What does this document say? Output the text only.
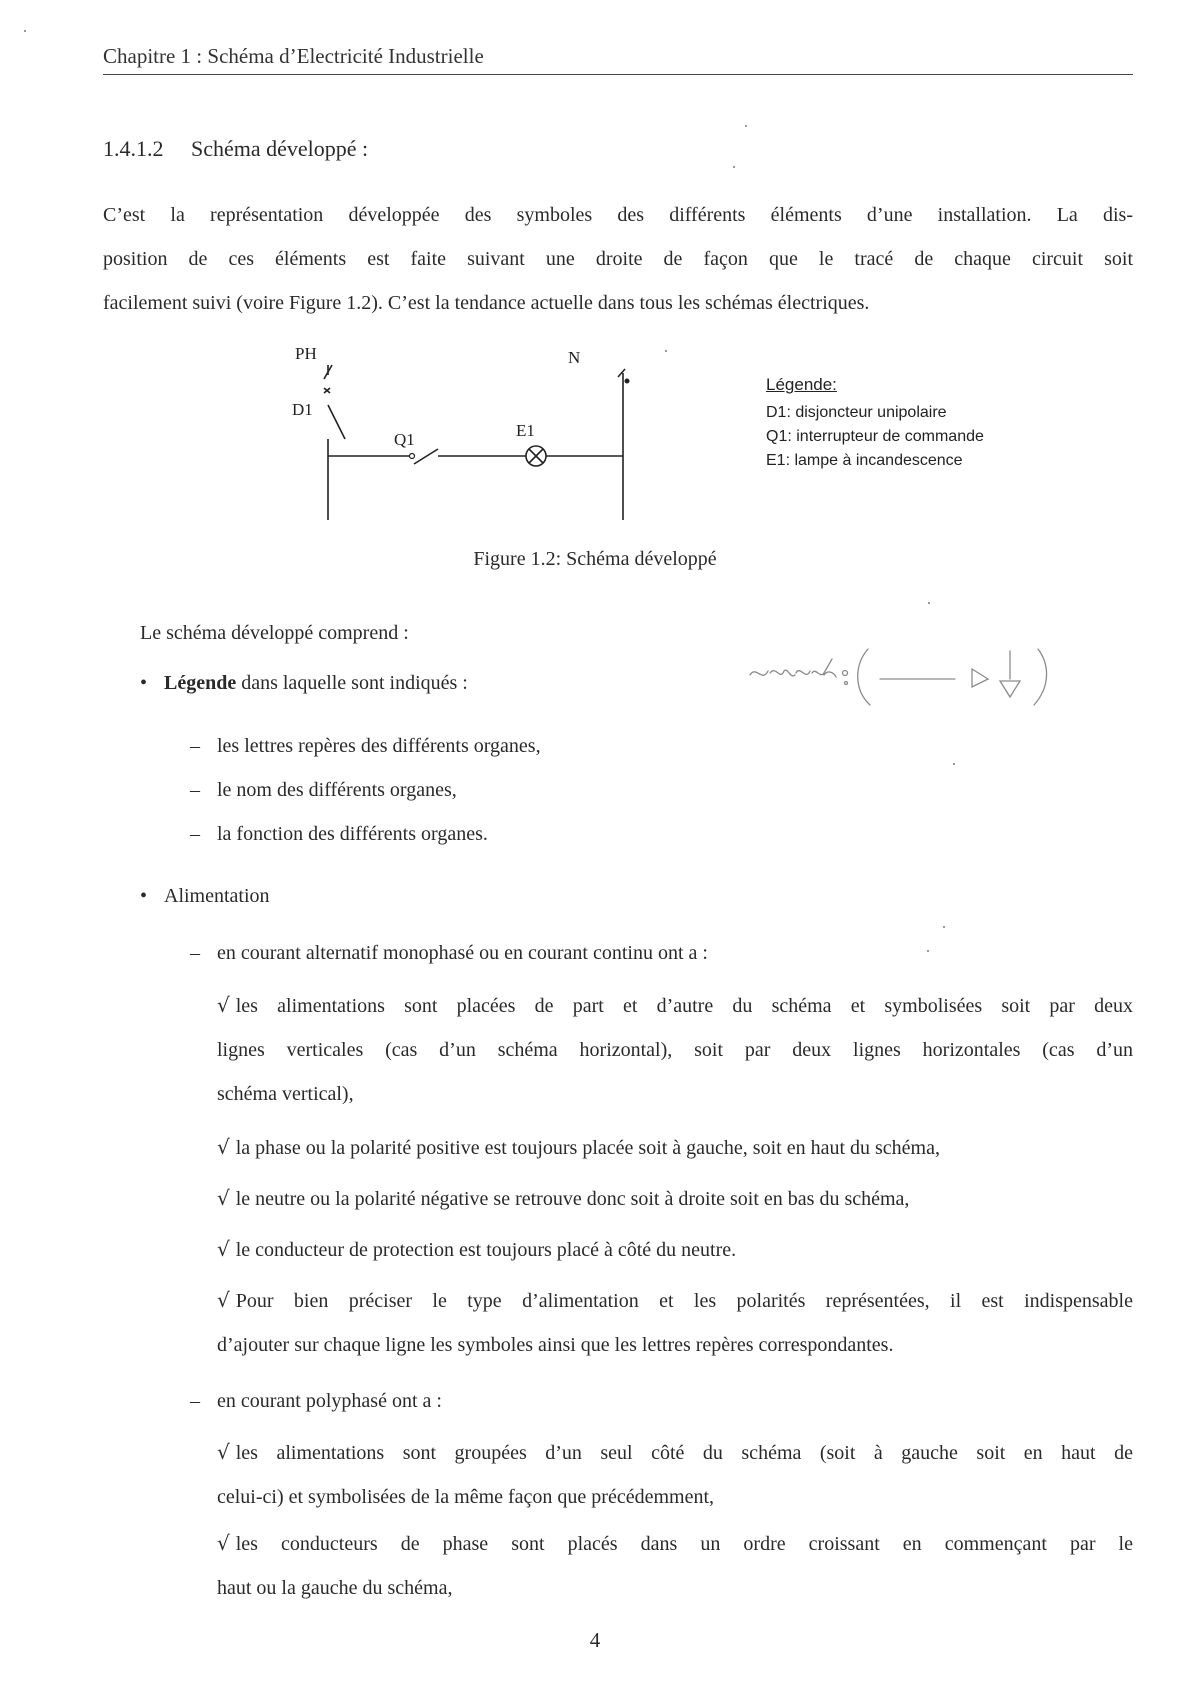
Chapitre 1 : Schéma d’Electricité Industrielle
1.4.1.2 Schéma développé :
C’est la représentation développée des symboles des différents éléments d’une installation. La dis-
position de ces éléments est faite suivant une droite de façon que le tracé de chaque circuit soit
facilement suivi (voire Figure 1.2). C’est la tendance actuelle dans tous les schémas électriques.
PH	N
D1
Q1	E1
Légende:
D1: disjoncteur unipolaire
Q1: interrupteur de commande
E1: lampe à incandescence
Figure 1.2: Schéma développé
Le schéma développé comprend :
• Légende dans laquelle sont indiqués :
– les lettres repères des différents organes,
– le nom des différents organes,
– la fonction des différents organes.
• Alimentation
– en courant alternatif monophasé ou en courant continu ont a :
√ les alimentations sont placées de part et d’autre du schéma et symbolisées soit par deux
lignes verticales (cas d’un schéma horizontal), soit par deux lignes horizontales (cas d’un
schéma vertical),
√ la phase ou la polarité positive est toujours placée soit à gauche, soit en haut du schéma,
√ le neutre ou la polarité négative se retrouve donc soit à droite soit en bas du schéma,
√ le conducteur de protection est toujours placé à côté du neutre.
√ Pour bien préciser le type d’alimentation et les polarités représentées, il est indispensable
d’ajouter sur chaque ligne les symboles ainsi que les lettres repères correspondantes.
– en courant polyphasé ont a :
√ les alimentations sont groupées d’un seul côté du schéma (soit à gauche soit en haut de
celui-ci) et symbolisées de la même façon que précédemment,
√ les conducteurs de phase sont placés dans un ordre croissant en commençant par le
haut ou la gauche du schéma,
4
